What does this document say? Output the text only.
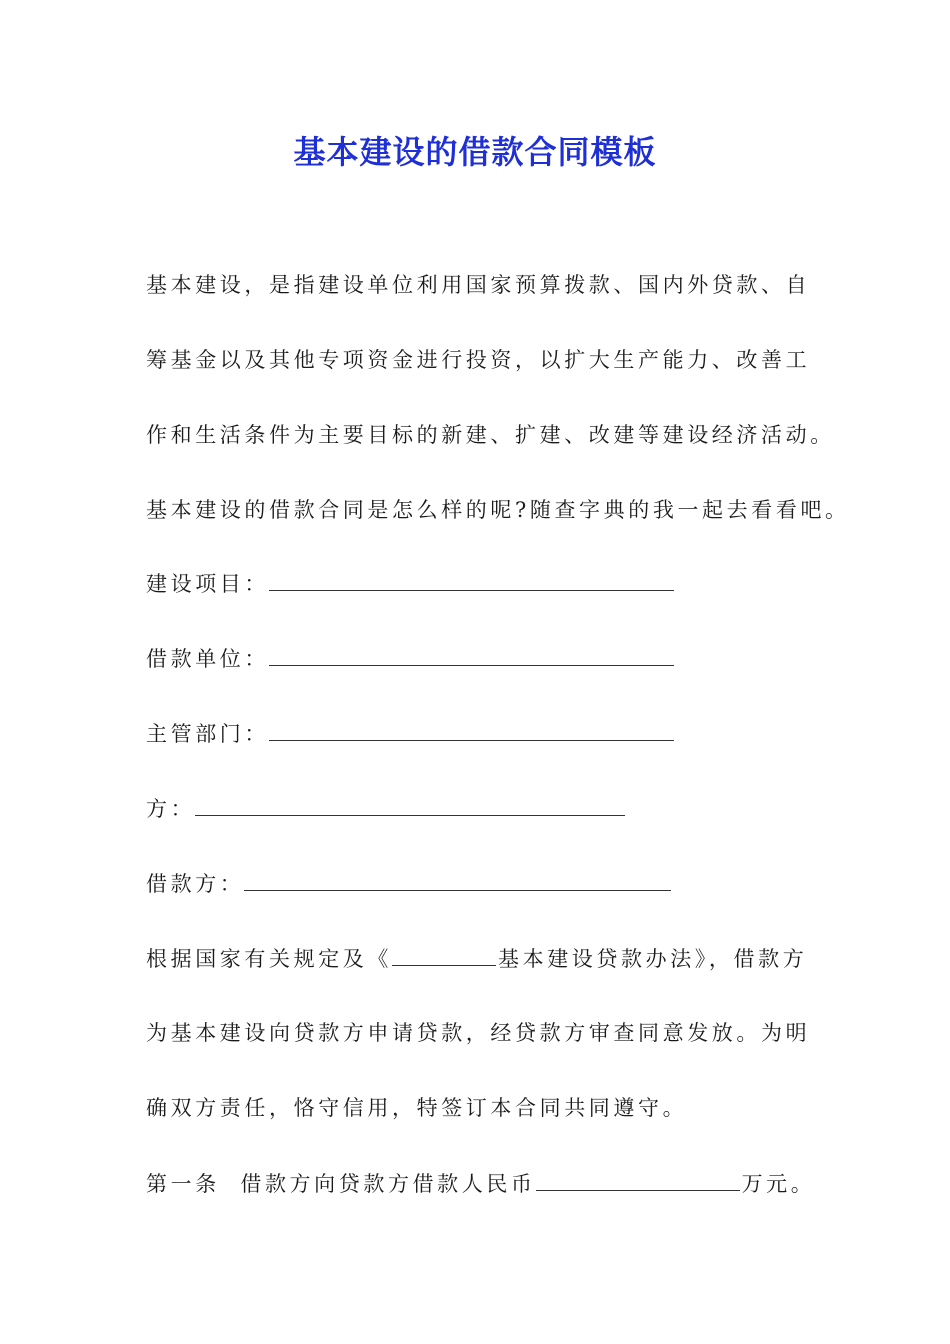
基本建设的借款合同模板
基本建设，是指建设单位利用国家预算拨款、国内外贷款、自
筹基金以及其他专项资金进行投资，以扩大生产能力、改善工
作和生活条件为主要目标的新建、扩建、改建等建设经济活动。
基本建设的借款合同是怎么样的呢?随查字典的我一起去看看吧。
建设项目：
借款单位：
主管部门：
方：
借款方：
根据国家有关规定及《	基本建设贷款办法》，借款方
为基本建设向贷款方申请贷款，经贷款方审查同意发放。为明
确双方责任，恪守信用，特签订本合同共同遵守。
第一条  借款方向贷款方借款人民币	万元。
